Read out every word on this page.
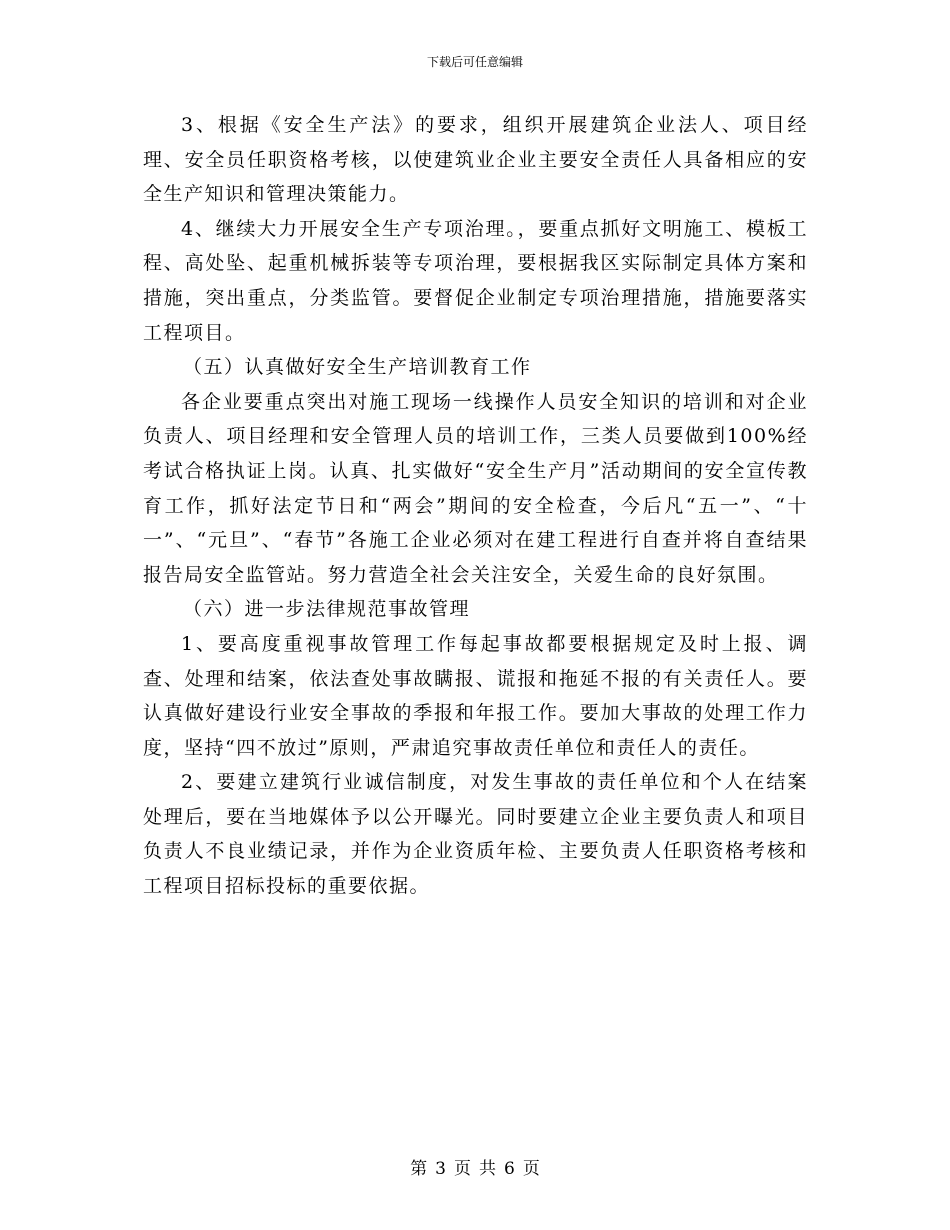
下载后可任意编辑

3、根据《安全生产法》的要求，组织开展建筑企业法人、项目经理、安全员任职资格考核，以使建筑业企业主要安全责任人具备相应的安全生产知识和管理决策能力。

4、继续大力开展安全生产专项治理。，要重点抓好文明施工、模板工程、高处坠、起重机械拆装等专项治理，要根据我区实际制定具体方案和措施，突出重点，分类监管。要督促企业制定专项治理措施，措施要落实工程项目。

（五）认真做好安全生产培训教育工作

各企业要重点突出对施工现场一线操作人员安全知识的培训和对企业负责人、项目经理和安全管理人员的培训工作，三类人员要做到100%经考试合格执证上岗。认真、扎实做好“安全生产月”活动期间的安全宣传教育工作，抓好法定节日和“两会”期间的安全检查，今后凡“五一”、“十一”、“元旦”、“春节”各施工企业必须对在建工程进行自查并将自查结果报告局安全监管站。努力营造全社会关注安全，关爱生命的良好氛围。

（六）进一步法律规范事故管理

1、要高度重视事故管理工作每起事故都要根据规定及时上报、调查、处理和结案，依法查处事故瞒报、谎报和拖延不报的有关责任人。要认真做好建设行业安全事故的季报和年报工作。要加大事故的处理工作力度，坚持“四不放过”原则，严肃追究事故责任单位和责任人的责任。

2、要建立建筑行业诚信制度，对发生事故的责任单位和个人在结案处理后，要在当地媒体予以公开曝光。同时要建立企业主要负责人和项目负责人不良业绩记录，并作为企业资质年检、主要负责人任职资格考核和工程项目招标投标的重要依据。

第 3 页 共 6 页
